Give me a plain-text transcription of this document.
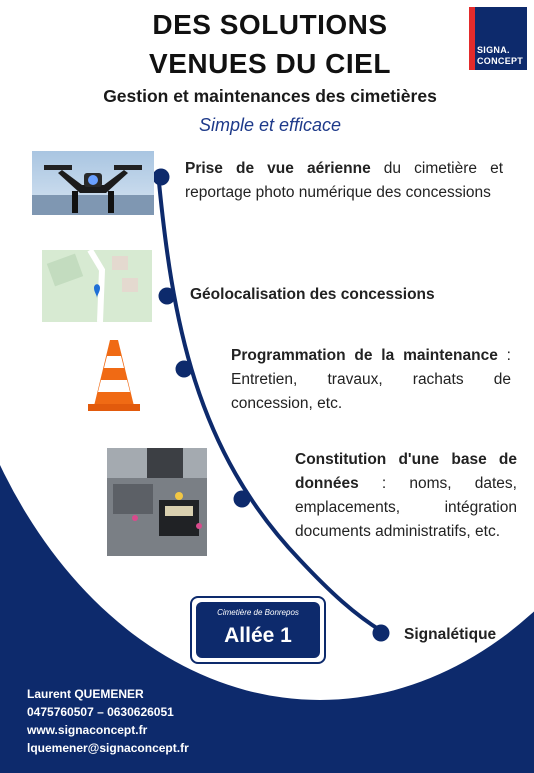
DES SOLUTIONS
VENUES DU CIEL
Gestion et maintenances des cimetières
Simple et efficace
SIGNA.
CONCEPT
Prise de vue aérienne du cimetière et reportage photo numérique des concessions
Géolocalisation des concessions
Programmation de la maintenance : Entretien, travaux, rachats de concession, etc.
Constitution d'une base de données : noms, dates, emplacements, intégration documents administratifs, etc.
Signalétique
Cimetière de Bonrepos
Allée 1
Laurent QUEMENER
0475760507 – 0630626051
www.signaconcept.fr
lquemener@signaconcept.fr
